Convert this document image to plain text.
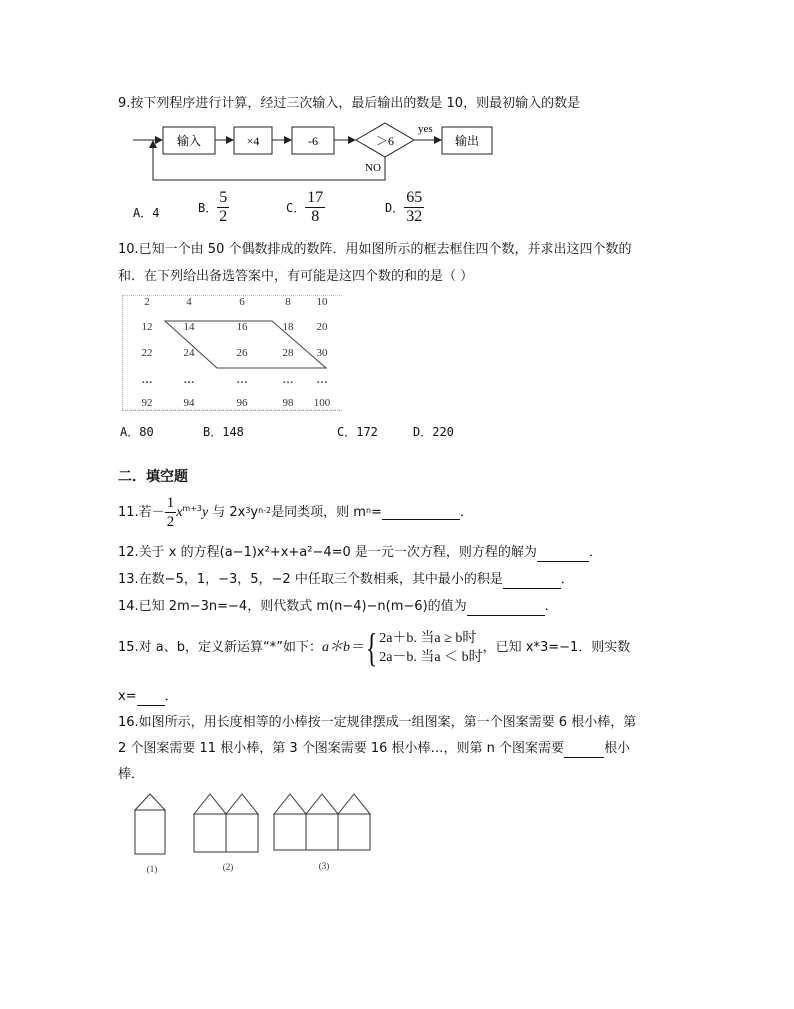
9.按下列程序进行计算，经过三次输入，最后输出的数是 10，则最初输入的数是
输入	×4	-6	＞6
yes
输出
NO
A．4	B． $\frac{5}{2}$	C． $\frac{17}{8}$	D． $\frac{65}{32}$
10.已知一个由 50 个偶数排成的数阵．用如图所示的框去框住四个数，并求出这四个数的
和．在下列给出备选答案中，有可能是这四个数的和的是（ ）
2	4	6	8 10
12	14	16	18 20
22	24	26	28 30
…	…	…	… …
92	94	96	98 100
A．80	B．148	C．172	D．220
二．填空题
11.若－ $\frac{1}{2} x^{m+3}$ y 与 2x 3 y n-2 是同类项，则 m n =	．
12.关于 x 的方程(a−1)x²+x+a²−4=0 是一元一次方程，则方程的解为	．
13.在数−5，1，−3，5，−2 中任取三个数相乘，其中最小的积是	．
14.已知 2m−3n=−4，则代数式 m(n−4)−n(m−6)的值为	．
15.对 a、b，定义新运算“*”如下： a＊b＝ { 2a＋b. 当a ≥ b时
2a－b. 当a ＜ b时
，已知 x*3=−1．则实数
x= ．
16.如图所示，用长度相等的小棒按一定规律摆成一组图案，第一个图案需要 6 根小棒，第
2 个图案需要 11 根小棒，第 3 个图案需要 16 根小棒…，则第 n 个图案需要	根小
棒．
(1)	(2)	(3)
